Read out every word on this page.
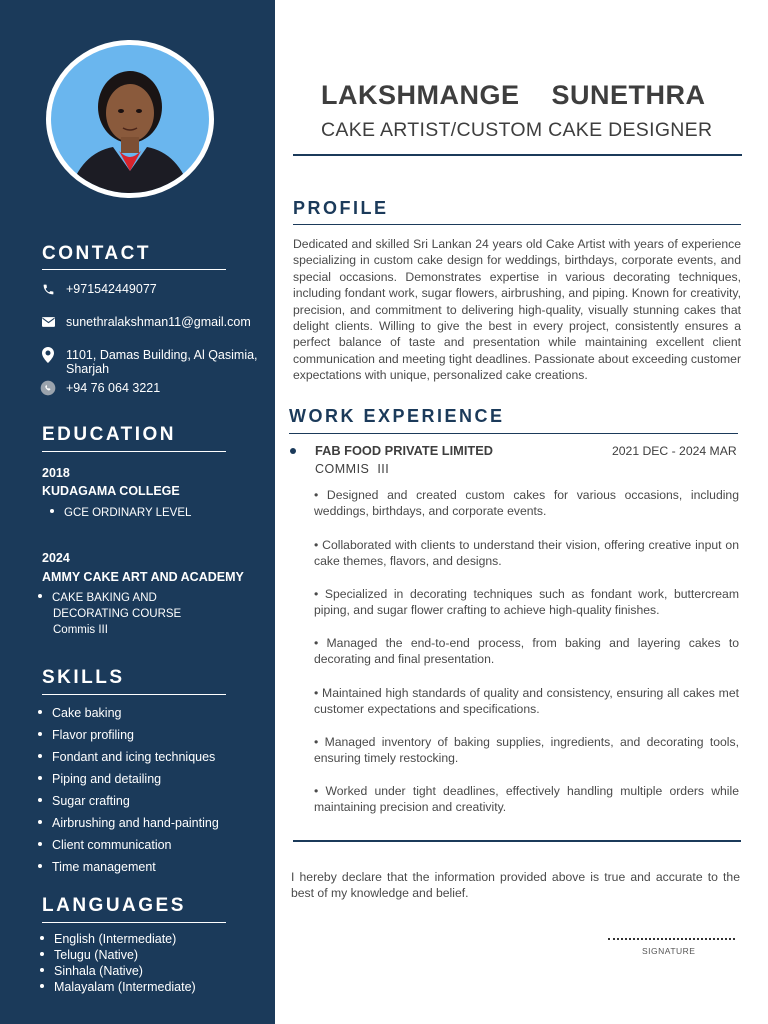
CONTACT
+971542449077
sunethralakshman11@gmail.com
1101, Damas Building, Al Qasimia, Sharjah
+94 76 064 3221
EDUCATION
2018
KUDAGAMA COLLEGE
GCE ORDINARY LEVEL
2024
AMMY CAKE ART AND ACADEMY
CAKE BAKING AND
DECORATING COURSE
Commis III
SKILLS
Cake baking
Flavor profiling
Fondant and icing techniques
Piping and detailing
Sugar crafting
Airbrushing and hand-painting
Client communication
Time management
LANGUAGES
English (Intermediate)
Telugu (Native)
Sinhala (Native)
Malayalam (Intermediate)
LAKSHMANGE  SUNETHRA
CAKE ARTIST/CUSTOM CAKE DESIGNER
PROFILE
Dedicated and skilled Sri Lankan 24 years old Cake Artist with years of experience specializing in custom cake design for weddings, birthdays, corporate events, and special occasions. Demonstrates expertise in various decorating techniques, including fondant work, sugar flowers, airbrushing, and piping. Known for creativity, precision, and commitment to delivering high-quality, visually stunning cakes that delight clients. Willing to give the best in every project, consistently ensures a perfect balance of taste and presentation while maintaining excellent client communication and meeting tight deadlines. Passionate about exceeding customer expectations with unique, personalized cake creations.
WORK EXPERIENCE
FAB FOOD PRIVATE LIMITED	2021 DEC - 2024 MAR
COMMIS  III
• Designed and created custom cakes for various occasions, including weddings, birthdays, and corporate events.
• Collaborated with clients to understand their vision, offering creative input on cake themes, flavors, and designs.
• Specialized in decorating techniques such as fondant work, buttercream piping, and sugar flower crafting to achieve high-quality finishes.
• Managed the end-to-end process, from baking and layering cakes to decorating and final presentation.
• Maintained high standards of quality and consistency, ensuring all cakes met customer expectations and specifications.
• Managed inventory of baking supplies, ingredients, and decorating tools, ensuring timely restocking.
• Worked under tight deadlines, effectively handling multiple orders while maintaining precision and creativity.
I hereby declare that the information provided above is true and accurate to the best of my knowledge and belief.
SIGNATURE
